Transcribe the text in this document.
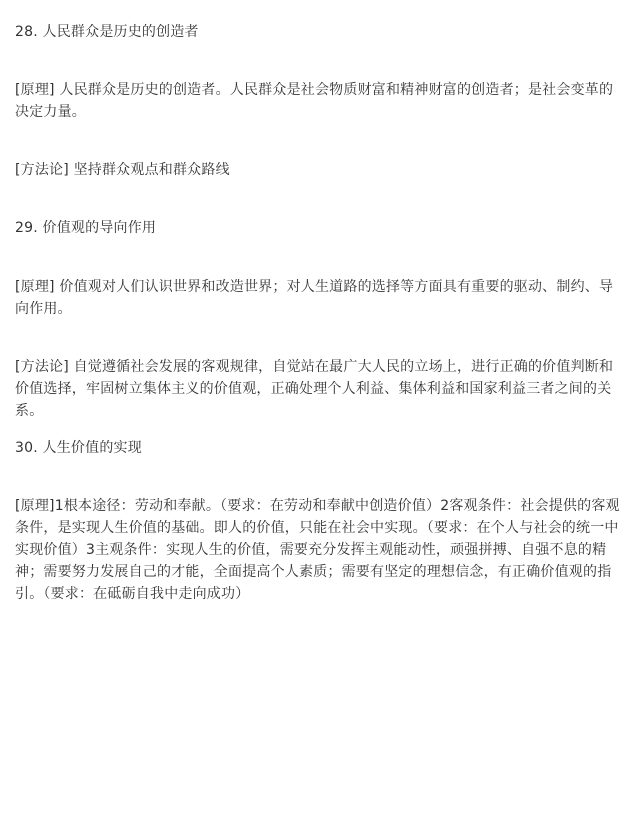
28. 人民群众是历史的创造者

[原理] 人民群众是历史的创造者。人民群众是社会物质财富和精神财富的创造者；是社会变革的决定力量。

[方法论] 坚持群众观点和群众路线

29. 价值观的导向作用

[原理] 价值观对人们认识世界和改造世界；对人生道路的选择等方面具有重要的驱动、制约、导向作用。

[方法论] 自觉遵循社会发展的客观规律，自觉站在最广大人民的立场上，进行正确的价值判断和价值选择，牢固树立集体主义的价值观，正确处理个人利益、集体利益和国家利益三者之间的关系。

30. 人生价值的实现

[原理]1根本途径：劳动和奉献。（要求：在劳动和奉献中创造价值）2客观条件：社会提供的客观条件，是实现人生价值的基础。即人的价值，只能在社会中实现。（要求：在个人与社会的统一中实现价值）3主观条件：实现人生的价值，需要充分发挥主观能动性，顽强拼搏、自强不息的精神；需要努力发展自己的才能，全面提高个人素质；需要有坚定的理想信念，有正确价值观的指引。（要求：在砥砺自我中走向成功）
